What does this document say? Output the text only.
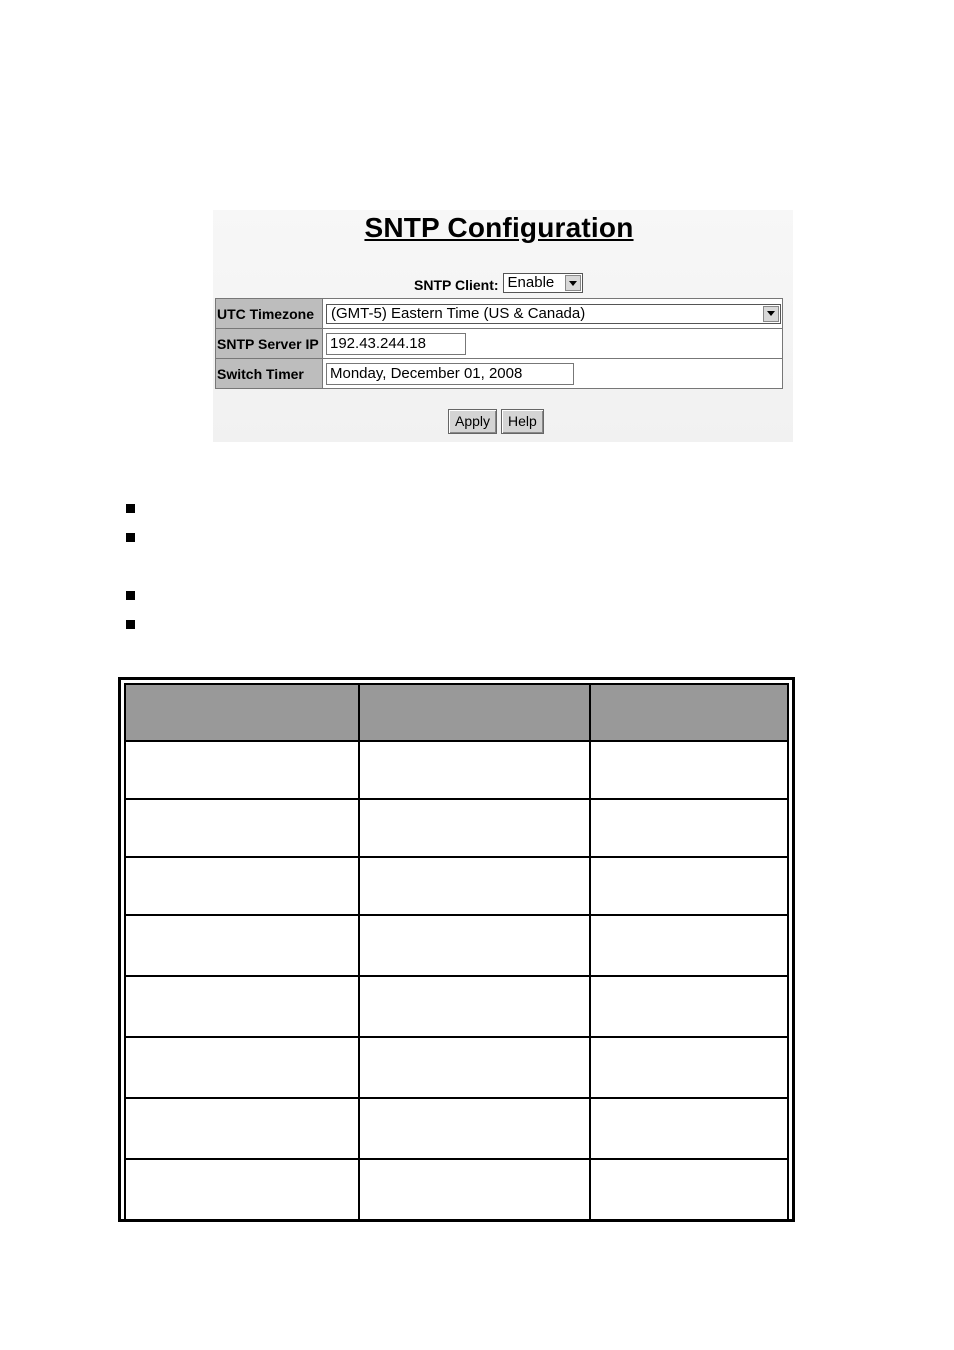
SNTP Configuration
SNTP Client: Enable
UTC Timezone	(GMT-5) Eastern Time (US & Canada)

SNTP Server IP	192.43.244.18

Switch Timer	Monday, December 01, 2008
Apply	Help
